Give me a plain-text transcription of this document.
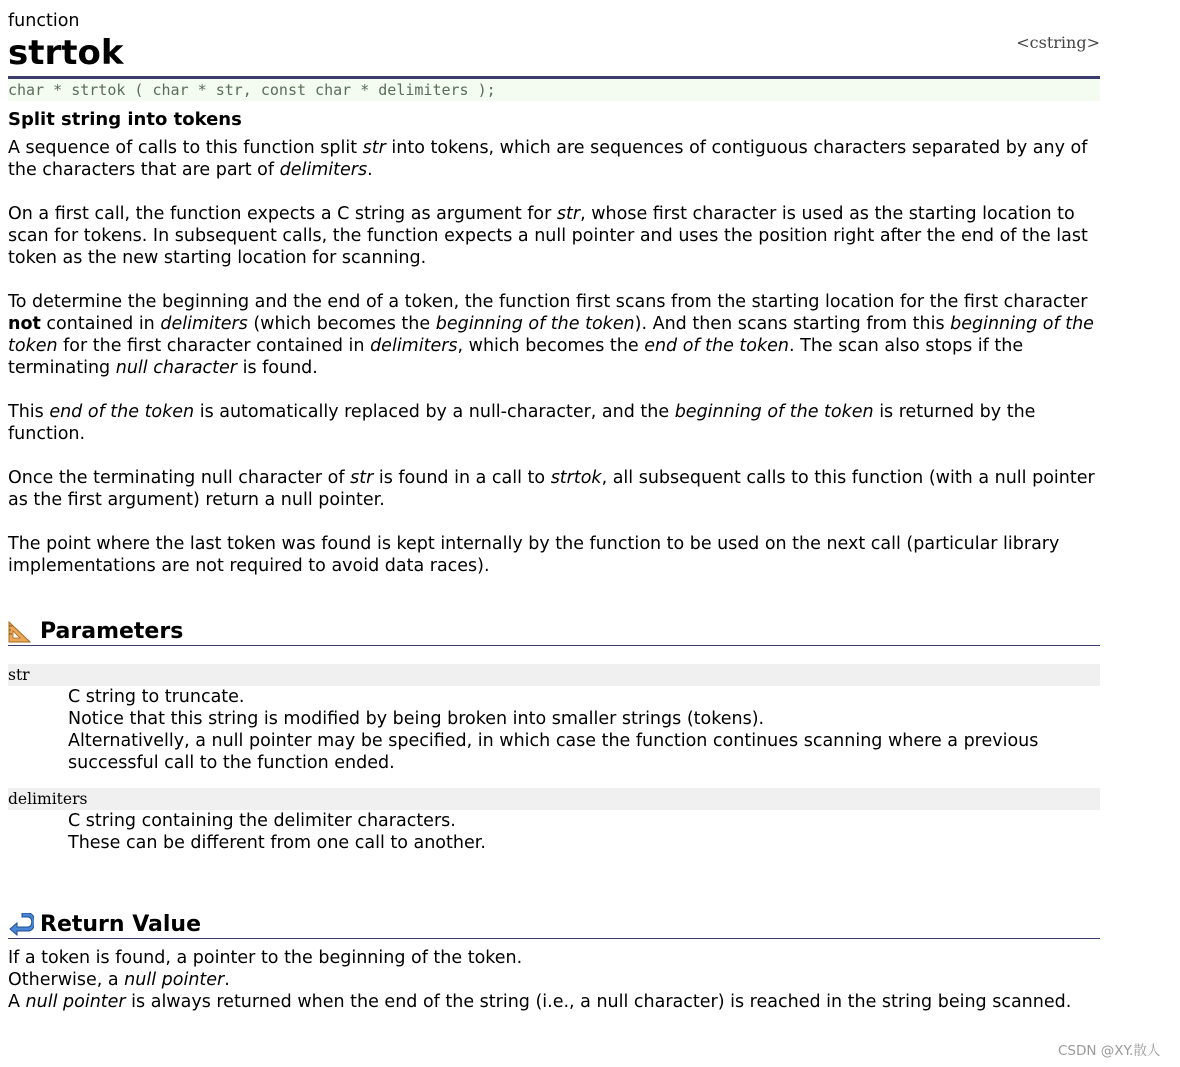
function
strtok	<cstring>
char * strtok ( char * str, const char * delimiters );
Split string into tokens

A sequence of calls to this function split str into tokens, which are sequences of contiguous characters separated by any of the characters that are part of delimiters.

On a first call, the function expects a C string as argument for str, whose first character is used as the starting location to scan for tokens. In subsequent calls, the function expects a null pointer and uses the position right after the end of the last token as the new starting location for scanning.

To determine the beginning and the end of a token, the function first scans from the starting location for the first character not contained in delimiters (which becomes the beginning of the token). And then scans starting from this beginning of the token for the first character contained in delimiters, which becomes the end of the token. The scan also stops if the terminating null character is found.

This end of the token is automatically replaced by a null-character, and the beginning of the token is returned by the function.

Once the terminating null character of str is found in a call to strtok, all subsequent calls to this function (with a null pointer as the first argument) return a null pointer.

The point where the last token was found is kept internally by the function to be used on the next call (particular library implementations are not required to avoid data races).

Parameters
str
C string to truncate.
Notice that this string is modified by being broken into smaller strings (tokens).
Alternativelly, a null pointer may be specified, in which case the function continues scanning where a previous successful call to the function ended.
delimiters
C string containing the delimiter characters.
These can be different from one call to another.
Return Value
If a token is found, a pointer to the beginning of the token.
Otherwise, a null pointer.
A null pointer is always returned when the end of the string (i.e., a null character) is reached in the string being scanned.
CSDN @XY.散人
